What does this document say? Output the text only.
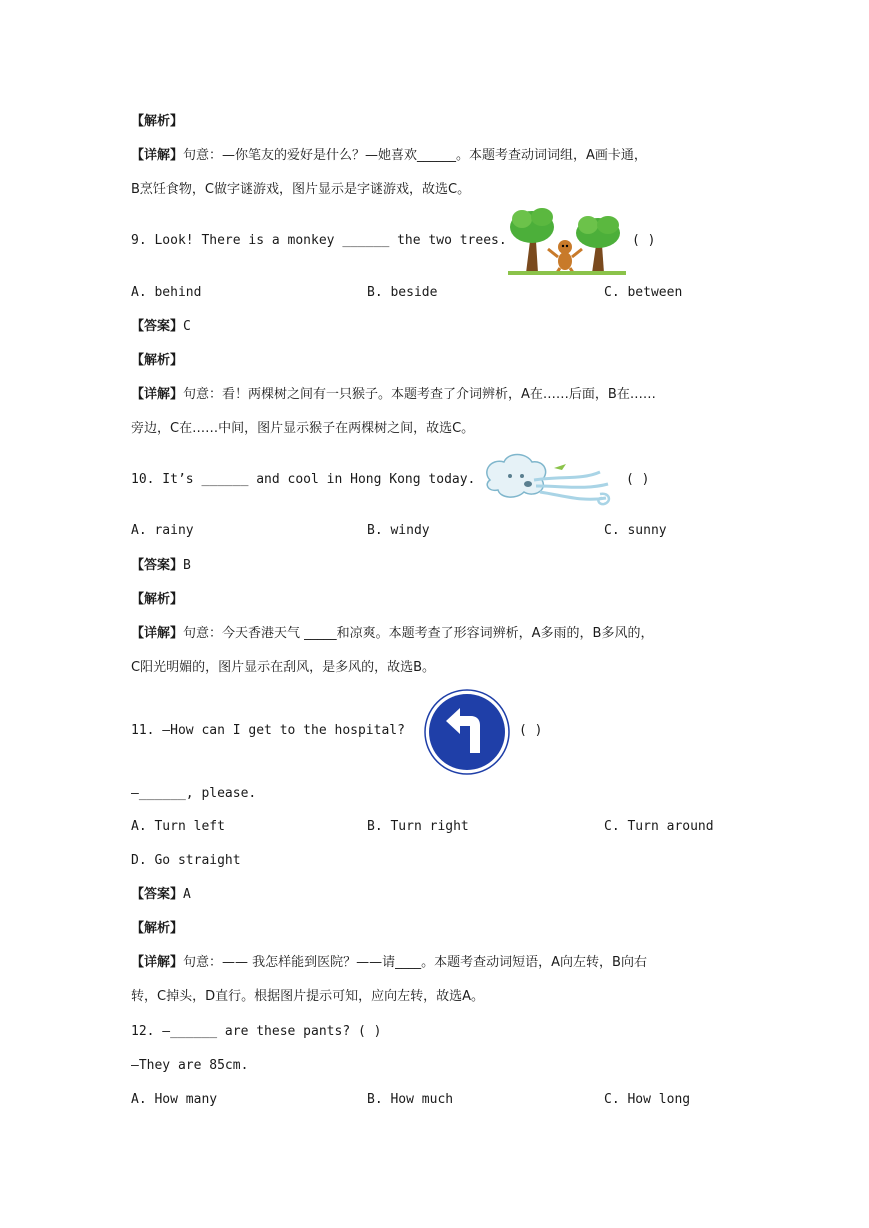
【解析】
【详解】句意：—你笔友的爱好是什么？—她喜欢______。本题考查动词词组，A画卡通，
B烹饪食物，C做字谜游戏，图片显示是字谜游戏，故选C。
9. Look! There is a monkey ______ the two trees.	( )
A. behind	B. beside	C. between
【答案】C
【解析】
【详解】句意：看！两棵树之间有一只猴子。本题考查了介词辨析，A在……后面，B在……
旁边，C在……中间，图片显示猴子在两棵树之间，故选C。
10. It’s ______ and cool in Hong Kong today.	( )
A. rainy	B. windy	C. sunny
【答案】B
【解析】
【详解】句意：今天香港天气 _____和凉爽。本题考查了形容词辨析，A多雨的，B多风的，
C阳光明媚的，图片显示在刮风，是多风的，故选B。
11. —How can I get to the hospital?	( )
—______, please.
A. Turn left	B. Turn right	C. Turn around
D. Go straight
【答案】A
【解析】
【详解】句意：—— 我怎样能到医院？——请____。本题考查动词短语，A向左转，B向右
转，C掉头，D直行。根据图片提示可知，应向左转，故选A。
12. —______ are these pants? ( )
—They are 85cm.
A. How many	B. How much	C. How long
